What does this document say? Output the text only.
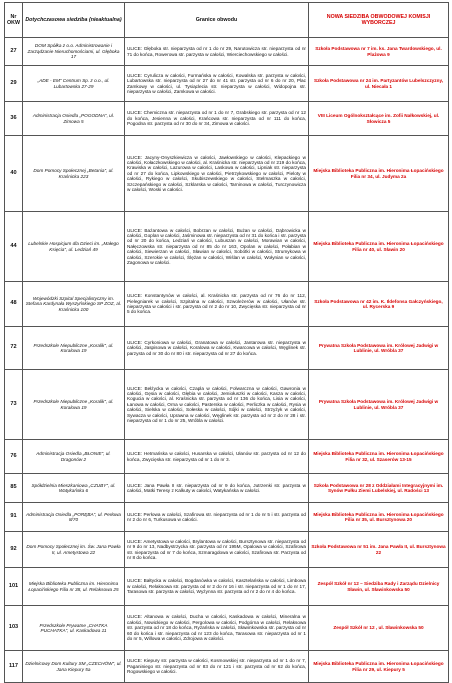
Nr OKW	Dotychczasowa siedziba (nieaktualna)	Granice obwodu	NOWA SIEDZIBA OBWODOWEJ KOMISJI WYBORCZEJ
27	DOM Spółka z o.o. Administrowanie i Zarządzanie Nieruchomościami, ul. Głęboka 17	ULICE: Głęboka str. nieparzysta od nr 1 do nr 29, Narutowicza str. nieparzysta od nr 71 do końca, Rowerowa str. parzysta w całości, Wierciechowskiego w całości.	Szkoła Podstawowa nr 7 im. ks. Jana Twardowskiego, ul. Plażowa 9
29	„ADE - EM” Centrum Sp. z o.o., ul. Lubartowska 27-29	ULICE: Cyrulicza w całości, Furmańska w całości, Kowalska str. parzysta w całości, Lubartowska str. nieparzysta od nr 27 do nr 41 str. parzysta od nr 6 do nr 20, Plac Zamkowy w całości, ul. Tysiąclecia str. nieparzysta w całości, Widopojna str. nieparzysta w całości, Zamkowa w całości.	Szkoła Podstawowa nr 24 im. Partyzantów Lubelszczyzny, ul. Niecała 1
36	Administracja Osiedla „POGODNA”, ul. Zimowa 5	ULICE: Chemiczna str. nieparzysta od nr 1 do nr 7, Grabskiego str. parzysta od nr 12 do końca, Jesienna w całości, Krańcowa str. nieparzysta od nr 111 do końca, Pogodna str. parzysta od nr 30 do nr 34, Zimowa w całości.	VIII Liceum Ogólnokształcące im. Zofii Nałkowskiej, ul. Słowicza 5
40	Dom Pomocy Społecznej „Betania”, ul. Kraśnicka 223	ULICE: Jacyny-Onyszkiewicza w całości, Jawłowskiego w całości, Klepackiego w całości, Kołaczkowskiego w całości, al. Kraśnicka str. nieparzysta od nr 219 do końca, Krawiska w całości, Lazurowa w całości, Laskowa w całości, Lipniak str. nieparzysta od nr 27 do końca, Lipkowskiego w całości, Pietrzykowskiego w całości, Pieloty w całości, Rykiego w całości, Skubiszewskiego w całości, Stelmaszka w całości, Szczepańskiego w całości, Szklarska w całości, Tarninowa w całości, Turczynowicza w całości, Woski w całości.	Miejska Biblioteka Publiczna im. Hieronima Łopacińskiego Filia nr 34, ul. Judyma 2a
44	Lubelskie Hospicjum dla Dzieci im. „Małego Księcia”, ul. Ledziań 49	ULICE: Bażantowa w całości, Bobrzan w całości, Bużan w całości, Dąbrowicka w całości, Goplan w całości, Jaśminowa str. nieparzysta od nr 31 do końca i str. parzysta od nr 20 do końca, Ledziań w całości, Lubuszan w całości, Morawian w całości, Nałęczowska str. nieparzysta od nr 85 do nr 163, Opolan w całości, Połabian w całości, Siewierzan w całości, Sławian w całości, Sobótki w całości, Strumykowa w całości, Szerokie w całości, Ślężan w całości, Wiślan w całości, Wołynian w całości, Zagonowa w całości.	Miejska Biblioteka Publiczna im. Hieronima Łopacińskiego Filia nr 40, ul. Sławin 20
48	Wojewódzki Szpital Specjalistyczny im. Stefana Kardynała Wyszyńskiego SP ZOZ, al. Kraśnicka 100	ULICE: Konstantynów w całości, al. Kraśnicka str. parzysta od nr 76 do nr 112, Pielegniarek w całości, Szpitalna w całości, Szwoleżerów w całości, Ułanów str. nieparzysta w całości i str. parzysta od nr 2 do nr 10, Zwycięska str. nieparzysta od nr 5 do końca.	Szkoła Podstawowa nr 42 im. K. Ildefonsa Gałczyńskiego, ul. Rycerska 9
72	Przedszkole Niepubliczne „Koralik”, ul. Koralowa 19	ULICE: Cyrkoniowa w całości, Granatowa w całości, Jantarowa str. nieparzysta w całości, Jaspisowa w całości, Koralowa w całości, Kwarcowa w całości, Węglinek str. parzysta od nr 30 do nr 80 i str. nieparzysta od nr 27 do końca.	Prywatna Szkoła Podstawowa im. Królowej Jadwigi w Lublinie, ul. Wróbla 37
73	Przedszkole Niepubliczne „Koralik”, ul. Koralowa 19	ULICE: Bełżycka w całości, Czapla w całości, Folwarczna w całości, Gawronia w całości, Gęsia w całości, Głębia w całości, Jemiołuszki w całości, Kasza w całości, Kogucia w całości, al. Kraśnicka str. parzysta od nr 136 do końca, Lisia w całości, Łanowa w całości, Orna w całości, Pasterska w całości, Perliczka w całości, Rysia w całości, Sielska w całości, Sołeska w całości, Sójki w całości, Strzyżyk w całości, Sywacza w całości, Uprawna w całości, Węglinek str. parzysta od nr 2 do nr 28 i str. nieparzysta od nr 1 do nr 25, Wróbla w całości.	Prywatna Szkoła Podstawowa im. Królowej Jadwigi w Lublinie, ul. Wróbla 37
76	Administracja Osiedla „BŁONIE”, ul. Dragonów 2	ULICE: Hetmańska w całości, Husarska w całości, Ułanów str. parzysta od nr 12 do końca, Zwycięska str. nieparzysta od nr 1 do nr 3.	Miejska Biblioteka Publiczna im. Hieronima Łopacińskiego Filia nr 32, ul. Szaserów 13-15
85	Spółdzielnia Mieszkaniowa „CZUBY”, ul. Watykańska 6	ULICE: Jana Pawła II str. nieparzysta od nr 9 do końca, Jutrzenki str. parzysta w całości, Matki Teresy z Kalkuty w całości, Watykańska w całości.	Szkoła Podstawowa nr 28 z Oddziałami Integracyjnymi im. Synów Pułku Ziemi Lubelskiej, ul. Radości 13
91	Administracja Osiedla „PORĘBA”, ul. Perłowa 8/70	ULICE: Perłowa w całości, Szafirowa str. nieparzysta od nr 1 do nr 5 i str. parzysta od nr 2 do nr 6, Turkusowa w całości.	Miejska Biblioteka Publiczna im. Hieronima Łopacińskiego Filia nr 35, ul. Bursztynowa 20
92	Dom Pomocy Społecznej im. Św. Jana Pawła II, ul. Ametystowa 22	ULICE: Ametystowa w całości, Brylantowa w całości, Bursztynowa str. nieparzysta od nr 9 do nr 13, Nadbystrzycka str. parzysta od nr 195M, Opalowa w całości, Szafirowa str. nieparzysta od nr 7 do końca, Szmaragdowa w całości, Szafirowa str. Parzysta od nr 8 do końca.	Szkoła Podstawowa nr 51 im. Jana Pawła II, ul. Bursztynowa 22
101	Miejska Biblioteka Publiczna im. Hieronima Łopacińskiego Filia nr 38, ul. Relaksowa 25	ULICE: Bałtycka w całości, Bogdanówka w całości, Kasztelańska w całości, Limbowa w całości, Relaksowa str. parzysta od nr 2 do nr 16 i str. nieparzysta od nr 1 do nr 17, Tarasowa str. parzysta w całości, Wyżynna str. parzysta od nr 2 do nr 4 do końca.	Zespół Szkół nr 12 – Siedziba Rady i Zarządu Dzielnicy Sławin, ul. Sławinkowska 50
103	Przedszkole Prywatne „CHATKA PUCHATKA”, ul. Kaskadowa 11	ULICE: Altanowa w całości, Ducha w całości, Kaskadowa w całości, Mineralna w całości, Nowickiego w całości, Pergolowa w całości, Podgórna w całości, Relaksowa str. parzysta od nr 18 do końca, Ryżańska w całości, Sławinkowska str. parzysta od nr 60 do końca i str. nieparzysta od nr 123 do końca, Tarasowa str. nieparzysta od nr 1 do nr 5, Willowa w całości, Zdrojowa w całości.	Zespół Szkół nr 12 , ul. Sławinkowska 50
117	Dzielnicowy Dom Kultury SM „CZECHÓW”, ul. Jana Kiepury 5a	ULICE: Kiepury str. parzysta w całości, Kosmowskiej str. nieparzysta od nr 1 do nr 7, Paganiniego str. nieparzysta od nr 83 do nr 121 i str. parzysta od nr 62 do końca, Rogowskiego w całości.	Miejska Biblioteka Publiczna im. Hieronima Łopacińskiego Filia nr 29, ul. Kiepury 5
